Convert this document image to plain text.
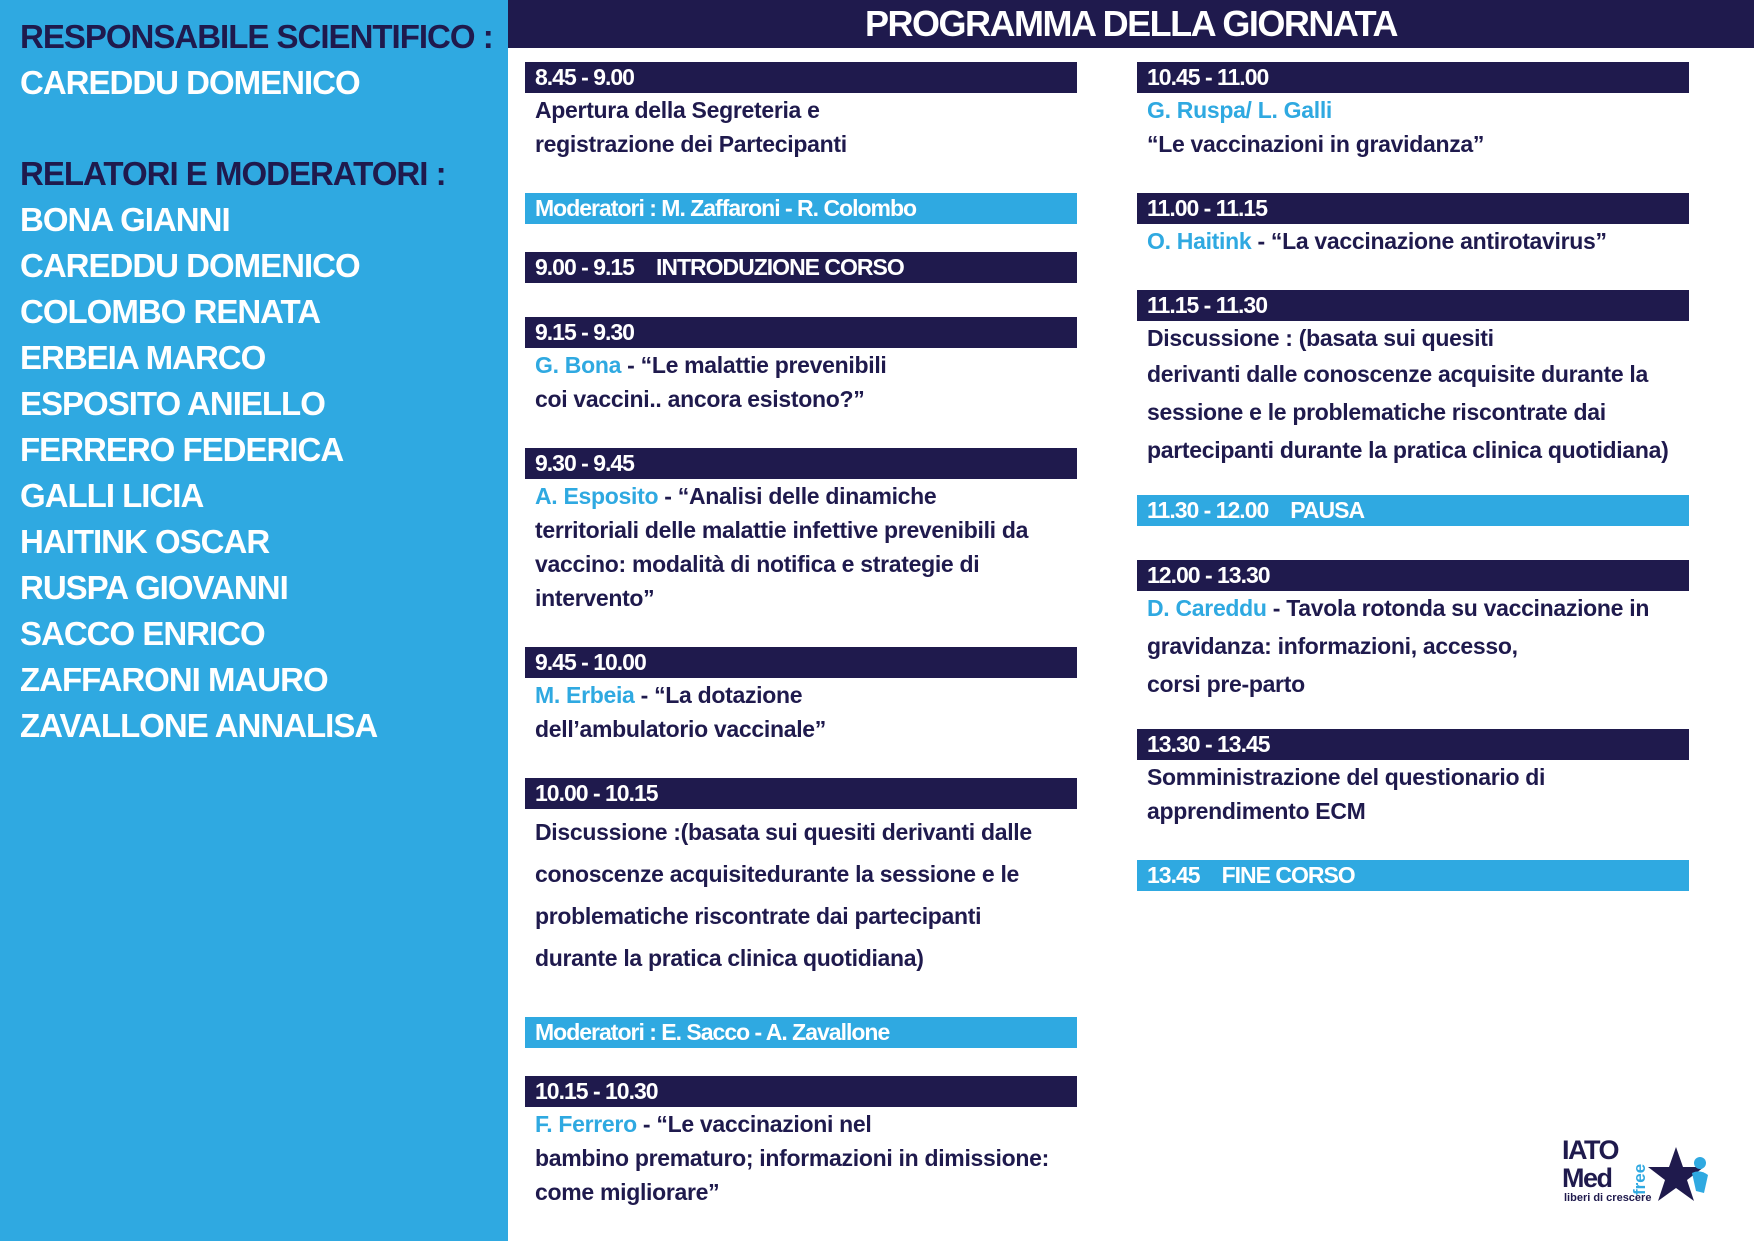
RESPONSABILE SCIENTIFICO :
CAREDDU DOMENICO
RELATORI E MODERATORI :
BONA GIANNI
CAREDDU DOMENICO
COLOMBO RENATA
ERBEIA MARCO
ESPOSITO ANIELLO
FERRERO FEDERICA
GALLI LICIA
HAITINK OSCAR
RUSPA GIOVANNI
SACCO ENRICO
ZAFFARONI MAURO
ZAVALLONE ANNALISA
PROGRAMMA DELLA GIORNATA
8.45 - 9.00
Apertura della Segreteria e
registrazione dei Partecipanti
Moderatori : M. Zaffaroni - R. Colombo
9.00 - 9.15 INTRODUZIONE CORSO
9.15 - 9.30
G. Bona - “Le malattie prevenibili
coi vaccini.. ancora esistono?”
9.30 - 9.45
A. Esposito - “Analisi delle dinamiche
territoriali delle malattie infettive prevenibili da
vaccino: modalità di notifica e strategie di
intervento”
9.45 - 10.00
M. Erbeia - “La dotazione
dell’ambulatorio vaccinale”
10.00 - 10.15
Discussione :(basata sui quesiti derivanti dalle
conoscenze acquisitedurante la sessione e le
problematiche riscontrate dai partecipanti
durante la pratica clinica quotidiana)
Moderatori : E. Sacco - A. Zavallone
10.15 - 10.30
F. Ferrero - “Le vaccinazioni nel
bambino prematuro; informazioni in dimissione:
come migliorare”
10.45 - 11.00
G. Ruspa/ L. Galli
“Le vaccinazioni in gravidanza”
11.00 - 11.15
O. Haitink - “La vaccinazione antirotavirus”
11.15 - 11.30
Discussione : (basata sui quesiti
derivanti dalle conoscenze acquisite durante la
sessione e le problematiche riscontrate dai
partecipanti durante la pratica clinica quotidiana)
11.30 - 12.00 PAUSA
12.00 - 13.30
D. Careddu - Tavola rotonda su vaccinazione in
gravidanza: informazioni, accesso,
corsi pre-parto
13.30 - 13.45
Somministrazione del questionario di
apprendimento ECM
13.45 FINE CORSO
IATO
Med free
liberi di crescere
